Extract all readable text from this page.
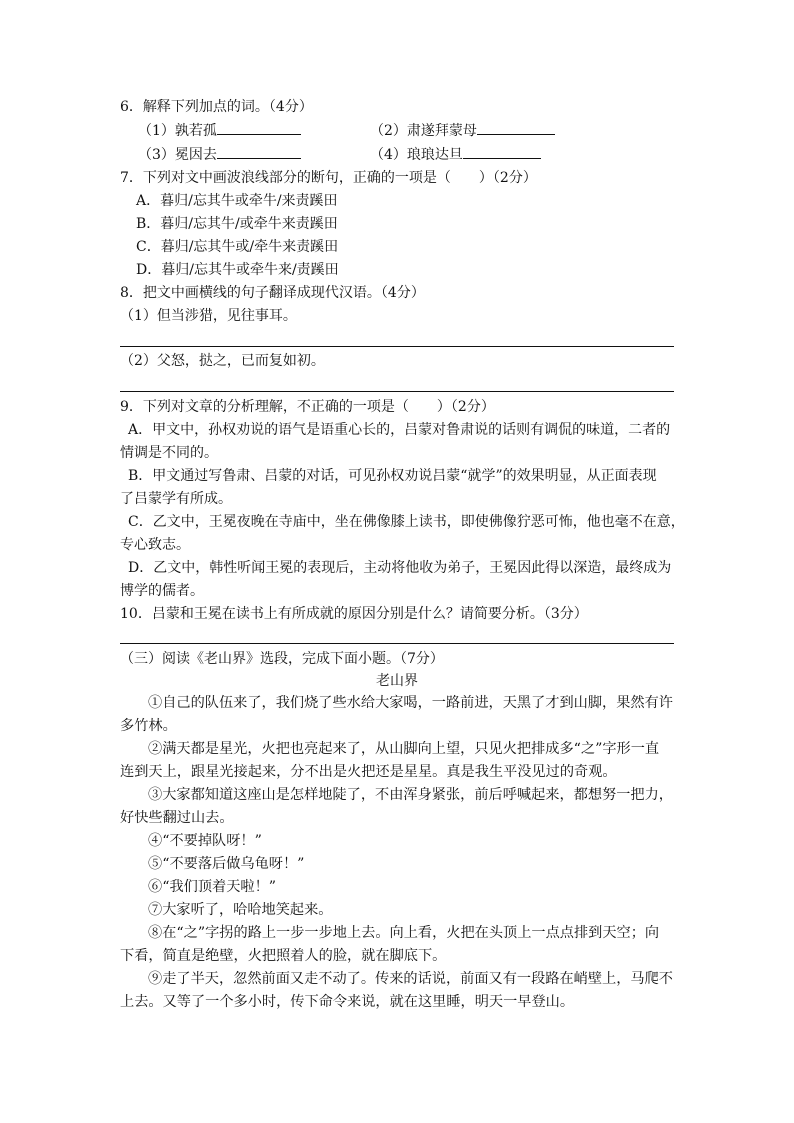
6．解释下列加点的词。（4分）
（1）孰若孤	（2）肃遂拜蒙母
（3）冕因去	（4）琅琅达旦
7．下列对文中画波浪线部分的断句，正确的一项是（　　）（2分）
A．暮归/忘其牛或牵牛/来责蹊田
B．暮归/忘其牛/或牵牛来责蹊田
C．暮归/忘其牛或/牵牛来责蹊田
D．暮归/忘其牛或牵牛来/责蹊田
8．把文中画横线的句子翻译成现代汉语。（4分）
（1）但当涉猎，见往事耳。
（2）父怒，挞之，已而复如初。
9．下列对文章的分析理解，不正确的一项是（　　）（2分）
A．甲文中，孙权劝说的语气是语重心长的，吕蒙对鲁肃说的话则有调侃的味道，二者的
情调是不同的。
B．甲文通过写鲁肃、吕蒙的对话，可见孙权劝说吕蒙“就学”的效果明显，从正面表现
了吕蒙学有所成。
C．乙文中，王冕夜晚在寺庙中，坐在佛像膝上读书，即使佛像狞恶可怖，他也毫不在意，
专心致志。
D．乙文中，韩性听闻王冕的表现后，主动将他收为弟子，王冕因此得以深造，最终成为
博学的儒者。
10．吕蒙和王冕在读书上有所成就的原因分别是什么？请简要分析。（3分）
（三）阅读《老山界》选段，完成下面小题。（7分）
老山界
①自己的队伍来了，我们烧了些水给大家喝，一路前进，天黑了才到山脚，果然有许
多竹林。
②满天都是星光，火把也亮起来了，从山脚向上望，只见火把排成多“之”字形一直
连到天上，跟星光接起来，分不出是火把还是星星。真是我生平没见过的奇观。
③大家都知道这座山是怎样地陡了，不由浑身紧张，前后呼喊起来，都想努一把力，
好快些翻过山去。
④“不要掉队呀！”
⑤“不要落后做乌龟呀！”
⑥“我们顶着天啦！”
⑦大家听了，哈哈地笑起来。
⑧在“之”字拐的路上一步一步地上去。向上看，火把在头顶上一点点排到天空；向
下看，简直是绝壁，火把照着人的脸，就在脚底下。
⑨走了半天，忽然前面又走不动了。传来的话说，前面又有一段路在峭壁上，马爬不
上去。又等了一个多小时，传下命令来说，就在这里睡，明天一早登山。
